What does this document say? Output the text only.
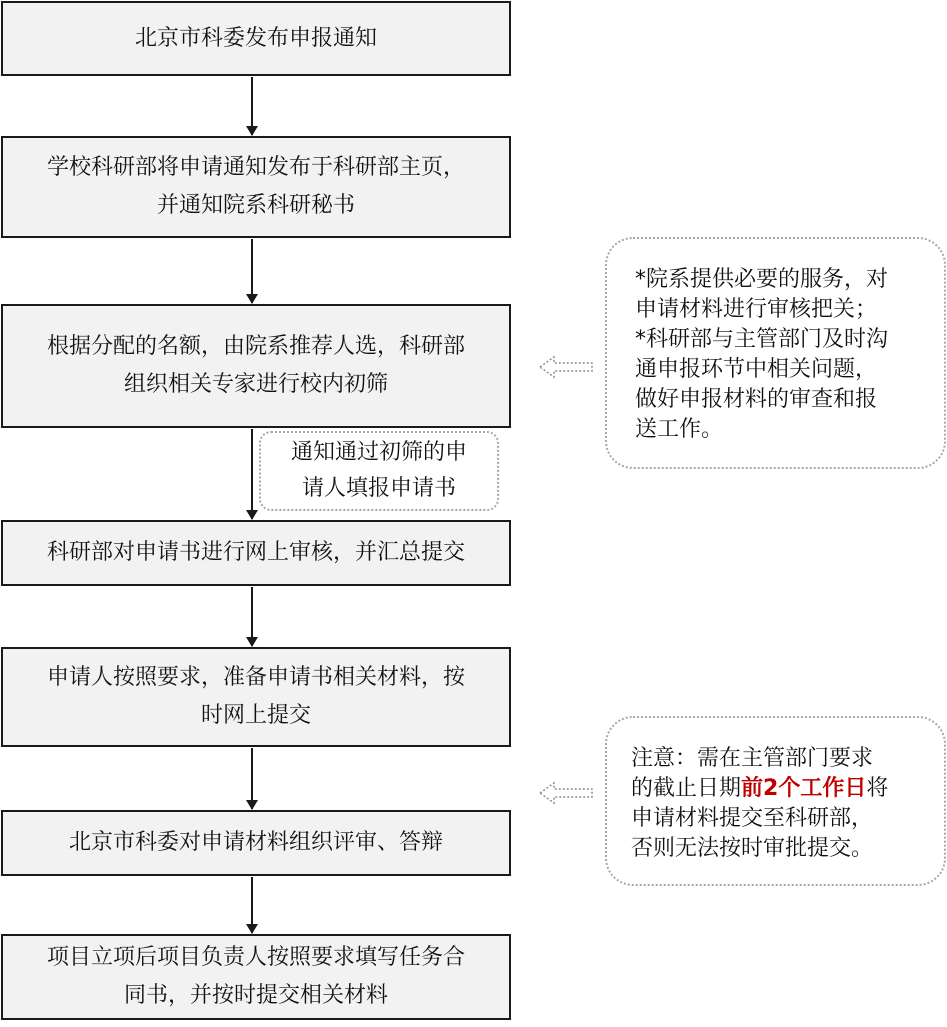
北京市科委发布申报通知
学校科研部将申请通知发布于科研部主页，
并通知院系科研秘书
根据分配的名额，由院系推荐人选，科研部
组织相关专家进行校内初筛
通知通过初筛的申
请人填报申请书
科研部对申请书进行网上审核，并汇总提交
申请人按照要求，准备申请书相关材料，按
时网上提交
北京市科委对申请材料组织评审、答辩
项目立项后项目负责人按照要求填写任务合
同书，并按时提交相关材料

*院系提供必要的服务，对

申请材料进行审核把关；

*科研部与主管部门及时沟

通申报环节中相关问题，

做好申报材料的审查和报

送工作。

注意：需在主管部门要求

的截止日期前2个工作日将

申请材料提交至科研部，

否则无法按时审批提交。
